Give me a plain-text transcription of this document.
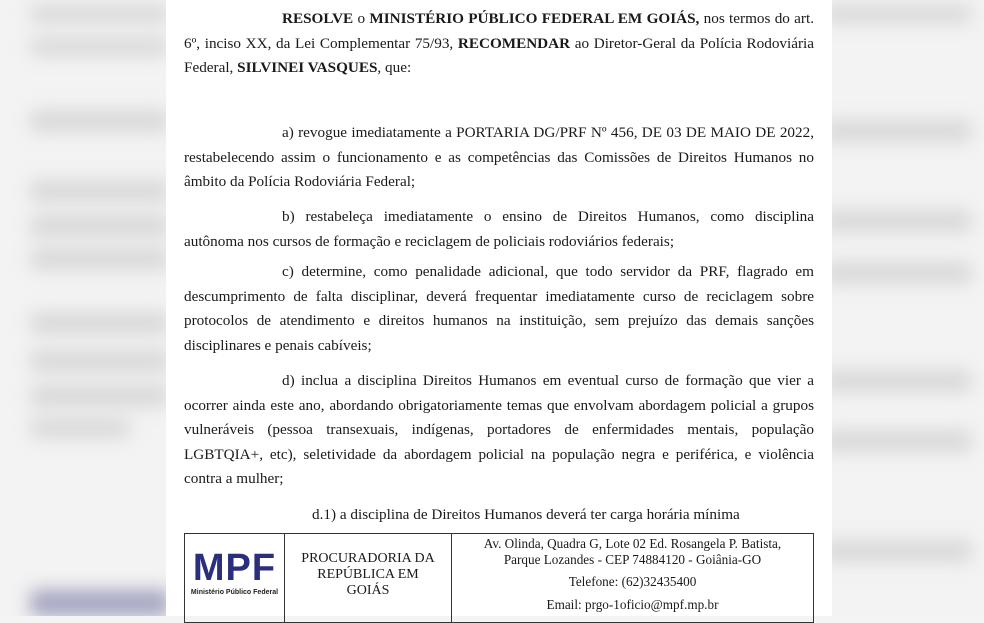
RESOLVE o MINISTÉRIO PÚBLICO FEDERAL EM GOIÁS, nos termos do art. 6º, inciso XX, da Lei Complementar 75/93, RECOMENDAR ao Diretor-Geral da Polícia Rodoviária Federal, SILVINEI VASQUES, que:

a) revogue imediatamente a PORTARIA DG/PRF Nº 456, DE 03 DE MAIO DE 2022, restabelecendo assim o funcionamento e as competências das Comissões de Direitos Humanos no âmbito da Polícia Rodoviária Federal;

b) restabeleça imediatamente o ensino de Direitos Humanos, como disciplina autônoma nos cursos de formação e reciclagem de policiais rodoviários federais;

c) determine, como penalidade adicional, que todo servidor da PRF, flagrado em descumprimento de falta disciplinar, deverá frequentar imediatamente curso de reciclagem sobre protocolos de atendimento e direitos humanos na instituição, sem prejuízo das demais sanções disciplinares e penais cabíveis;

d) inclua a disciplina Direitos Humanos em eventual curso de formação que vier a ocorrer ainda este ano, abordando obrigatoriamente temas que envolvam abordagem policial a grupos vulneráveis (pessoa transexuais, indígenas, portadores de enfermidades mentais, população LGBTQIA+, etc), seletividade da abordagem policial na população negra e periférica, e violência contra a mulher;

d.1) a disciplina de Direitos Humanos deverá ter carga horária mínima

MPF
Ministério Público Federal
PROCURADORIA DA
REPÚBLICA EM
GOIÁS
Av. Olinda, Quadra G, Lote 02 Ed. Rosangela P. Batista,
Parque Lozandes - CEP 74884120 - Goiânia-GO
Telefone: (62)32435400
Email: prgo-1oficio@mpf.mp.br
